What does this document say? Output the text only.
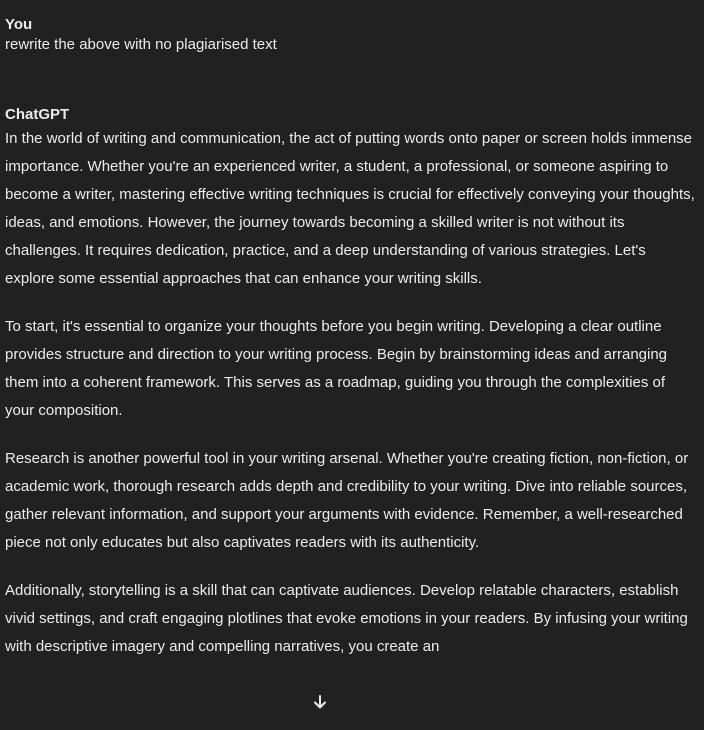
You

rewrite the above with no plagiarised text

ChatGPT

In the world of writing and communication, the act of putting words onto paper or screen holds immense importance. Whether you're an experienced writer, a student, a professional, or someone aspiring to become a writer, mastering effective writing techniques is crucial for effectively conveying your thoughts, ideas, and emotions. However, the journey towards becoming a skilled writer is not without its challenges. It requires dedication, practice, and a deep understanding of various strategies. Let's explore some essential approaches that can enhance your writing skills.

To start, it's essential to organize your thoughts before you begin writing. Developing a clear outline provides structure and direction to your writing process. Begin by brainstorming ideas and arranging them into a coherent framework. This serves as a roadmap, guiding you through the complexities of your composition.

Research is another powerful tool in your writing arsenal. Whether you're creating fiction, non-fiction, or academic work, thorough research adds depth and credibility to your writing. Dive into reliable sources, gather relevant information, and support your arguments with evidence. Remember, a well-researched piece not only educates but also captivates readers with its authenticity.

Additionally, storytelling is a skill that can captivate audiences. Develop relatable characters, establish vivid settings, and craft engaging plotlines that evoke emotions in your readers. By infusing your writing with descriptive imagery and compelling narratives, you create an
